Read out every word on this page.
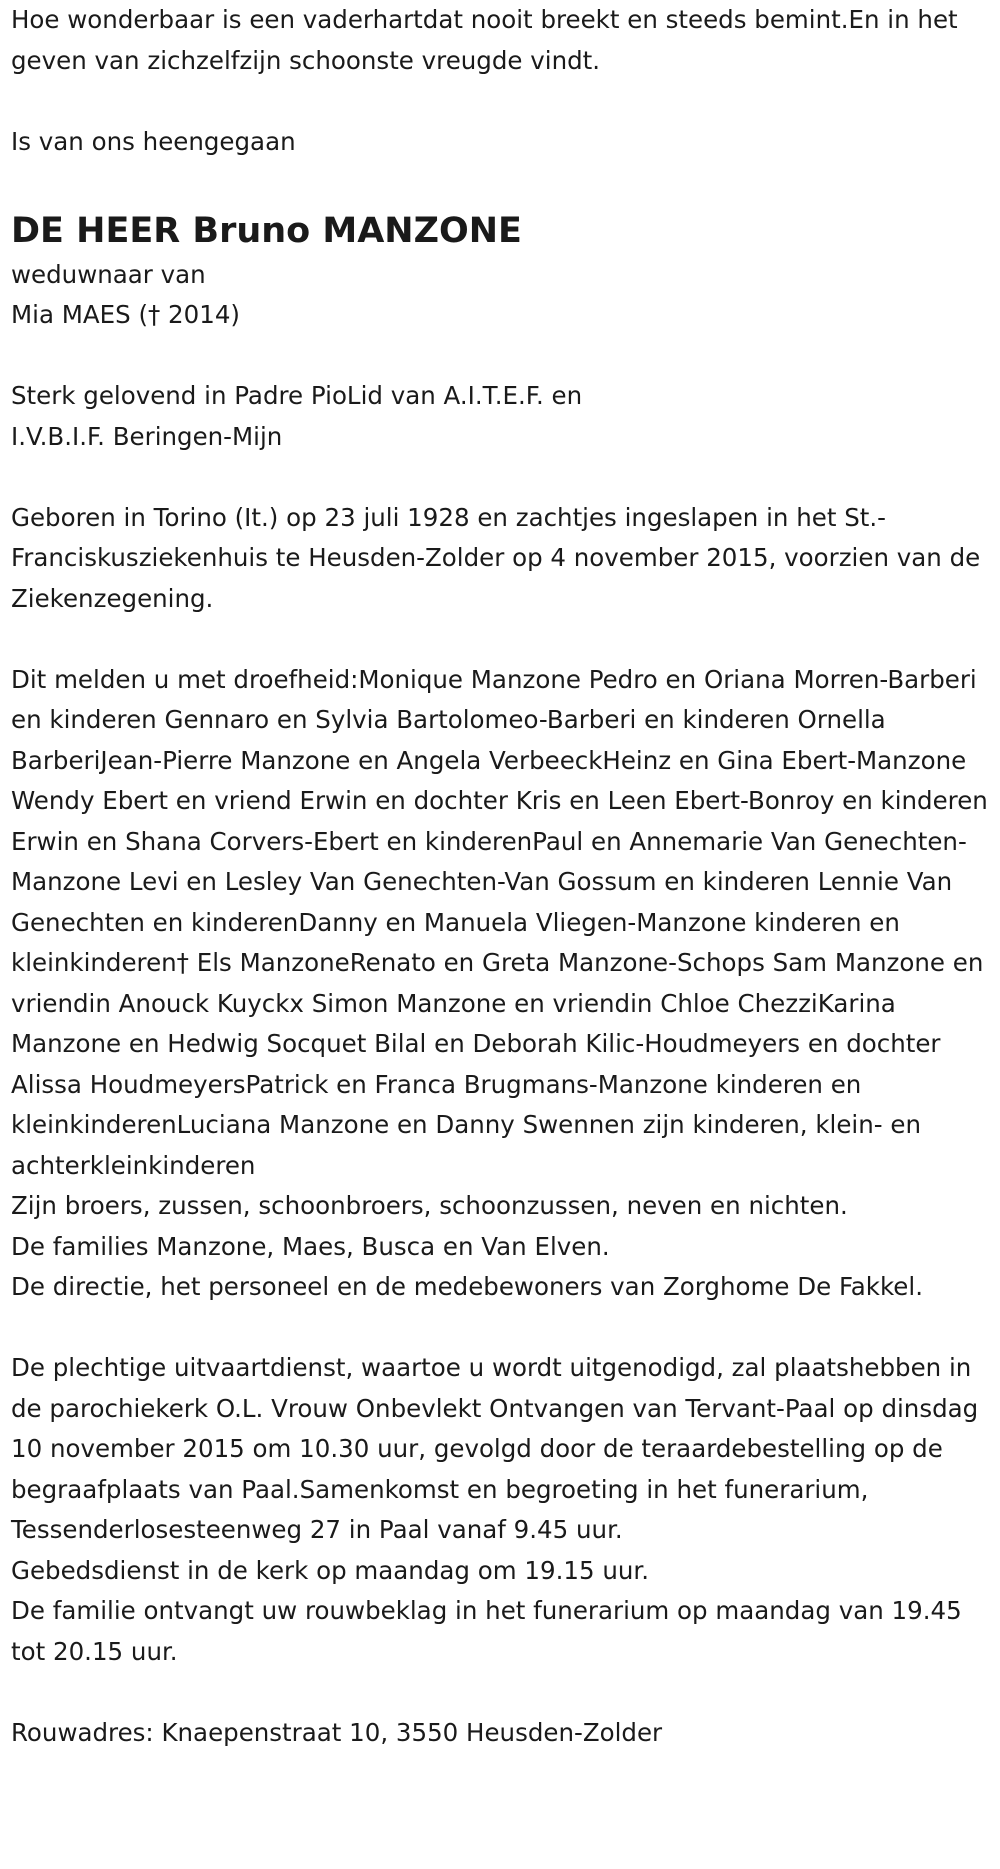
Hoe wonderbaar is een vaderhartdat nooit breekt en steeds bemint.En in het geven van zichzelfzijn schoonste vreugde vindt.

Is van ons heengegaan

DE HEER Bruno MANZONE
weduwnaar van
Mia MAES († 2014)
Sterk gelovend in Padre PioLid van A.I.T.E.F. en
I.V.B.I.F. Beringen-Mijn

Geboren in Torino (It.) op 23 juli 1928 en zachtjes ingeslapen in het St.-Franciskusziekenhuis te Heusden-Zolder op 4 november 2015, voorzien van de Ziekenzegening.

Dit melden u met droefheid:Monique Manzone Pedro en Oriana Morren-Barberi en kinderen Gennaro en Sylvia Bartolomeo-Barberi en kinderen Ornella BarberiJean-Pierre Manzone en Angela VerbeeckHeinz en Gina Ebert-Manzone Wendy Ebert en vriend Erwin en dochter Kris en Leen Ebert-Bonroy en kinderen Erwin en Shana Corvers-Ebert en kinderenPaul en Annemarie Van Genechten-Manzone Levi en Lesley Van Genechten-Van Gossum en kinderen Lennie Van Genechten en kinderenDanny en Manuela Vliegen-Manzone kinderen en kleinkinderen† Els ManzoneRenato en Greta Manzone-Schops Sam Manzone en vriendin Anouck Kuyckx Simon Manzone en vriendin Chloe ChezziKarina Manzone en Hedwig Socquet Bilal en Deborah Kilic-Houdmeyers en dochter Alissa HoudmeyersPatrick en Franca Brugmans-Manzone kinderen en kleinkinderenLuciana Manzone en Danny Swennen zijn kinderen, klein- en achterkleinkinderen

Zijn broers, zussen, schoonbroers, schoonzussen, neven en nichten.
De families Manzone, Maes, Busca en Van Elven.

De directie, het personeel en de medebewoners van Zorghome De Fakkel.

De plechtige uitvaartdienst, waartoe u wordt uitgenodigd, zal plaatshebben in de parochiekerk O.L. Vrouw Onbevlekt Ontvangen van Tervant-Paal op dinsdag 10 november 2015 om 10.30 uur, gevolgd door de teraardebestelling op de begraafplaats van Paal.Samenkomst en begroeting in het funerarium, Tessenderlosesteenweg 27 in Paal vanaf 9.45 uur.

Gebedsdienst in de kerk op maandag om 19.15 uur.

De familie ontvangt uw rouwbeklag in het funerarium op maandag van 19.45 tot 20.15 uur.

Rouwadres: Knaepenstraat 10, 3550 Heusden-Zolder
